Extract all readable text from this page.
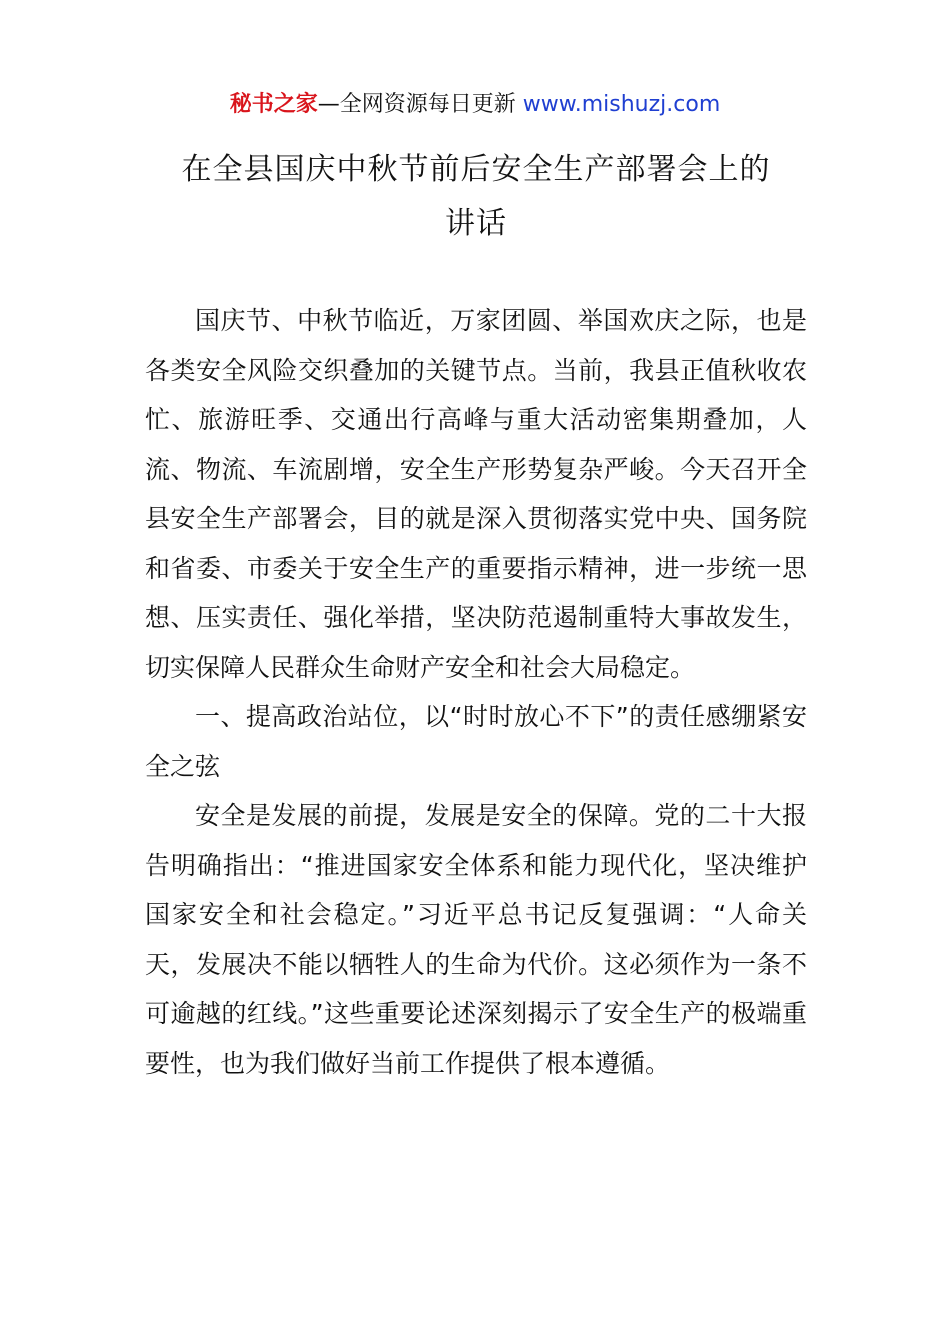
秘书之家—全网资源每日更新 www.mishuzj.com
在全县国庆中秋节前后安全生产部署会上的
讲话

国庆节、中秋节临近，万家团圆、举国欢庆之际，也是各类安全风险交织叠加的关键节点。当前，我县正值秋收农忙、旅游旺季、交通出行高峰与重大活动密集期叠加，人流、物流、车流剧增，安全生产形势复杂严峻。今天召开全县安全生产部署会，目的就是深入贯彻落实党中央、国务院和省委、市委关于安全生产的重要指示精神，进一步统一思想、压实责任、强化举措，坚决防范遏制重特大事故发生，切实保障人民群众生命财产安全和社会大局稳定。

一、提高政治站位，以“时时放心不下”的责任感绷紧安全之弦

安全是发展的前提，发展是安全的保障。党的二十大报告明确指出：“推进国家安全体系和能力现代化，坚决维护国家安全和社会稳定。”习近平总书记反复强调：“人命关天，发展决不能以牺牲人的生命为代价。这必须作为一条不可逾越的红线。”这些重要论述深刻揭示了安全生产的极端重要性，也为我们做好当前工作提供了根本遵循。
